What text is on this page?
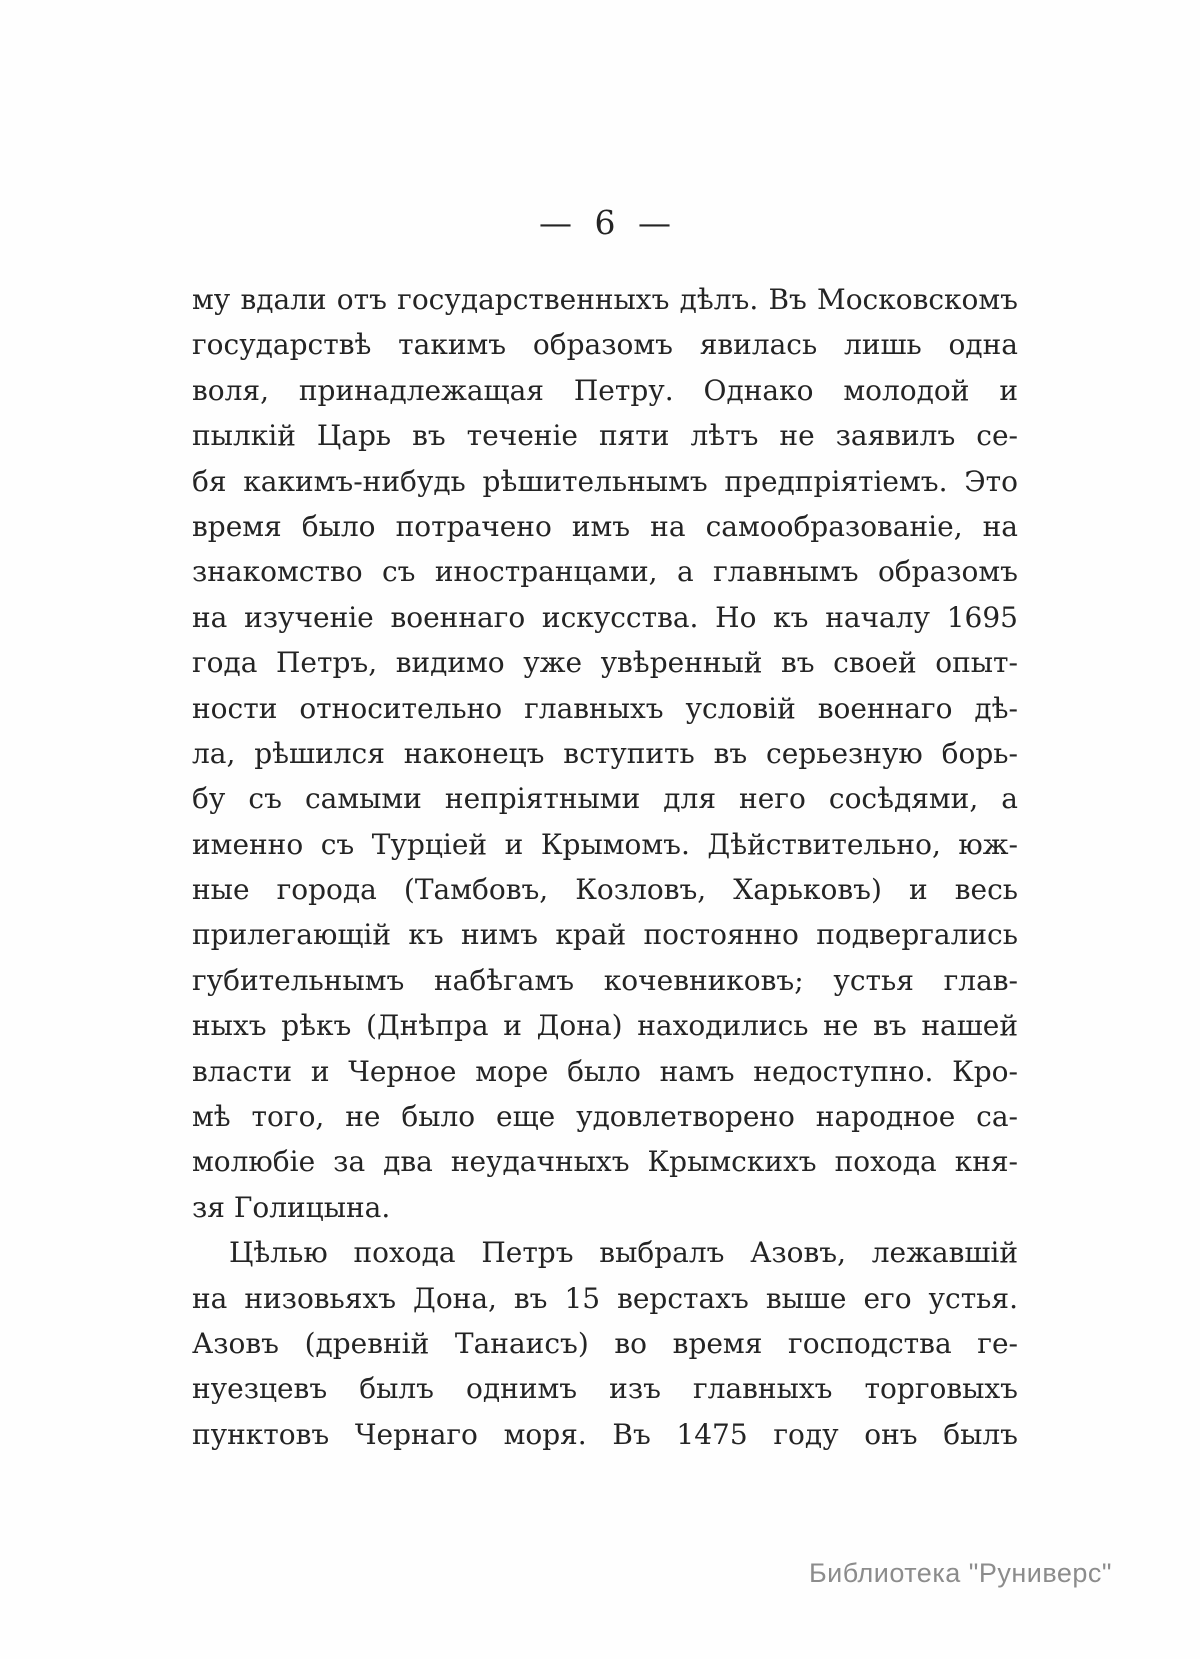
— 6 —
му вдали отъ государственныхъ дѣлъ. Въ Московскомъ
государствѣ такимъ образомъ явилась лишь одна
воля, принадлежащая Петру. Однако молодой и
пылкій Царь въ теченіе пяти лѣтъ не заявилъ се-
бя какимъ-нибудь рѣшительнымъ предпріятіемъ. Это
время было потрачено имъ на самообразованіе, на
знакомство съ иностранцами, а главнымъ образомъ
на изученіе военнаго искусства. Но къ началу 1695
года Петръ, видимо уже увѣренный въ своей опыт-
ности относительно главныхъ условій военнаго дѣ-
ла, рѣшился наконецъ вступить въ серьезную борь-
бу съ самыми непріятными для него сосѣдями, а
именно съ Турціей и Крымомъ. Дѣйствительно, юж-
ные города (Тамбовъ, Козловъ, Харьковъ) и весь
прилегающій къ нимъ край постоянно подвергались
губительнымъ набѣгамъ кочевниковъ; устья глав-
ныхъ рѣкъ (Днѣпра и Дона) находились не въ нашей
власти и Черное море было намъ недоступно. Кро-
мѣ того, не было еще удовлетворено народное са-
молюбіе за два неудачныхъ Крымскихъ похода кня-
зя Голицына.
Цѣлью похода Петръ выбралъ Азовъ, лежавшій
на низовьяхъ Дона, въ 15 верстахъ выше его устья.
Азовъ (древній Танаисъ) во время господства ге-
нуезцевъ былъ однимъ изъ главныхъ торговыхъ
пунктовъ Чернаго моря. Въ 1475 году онъ былъ
Библиотека "Руниверс"
